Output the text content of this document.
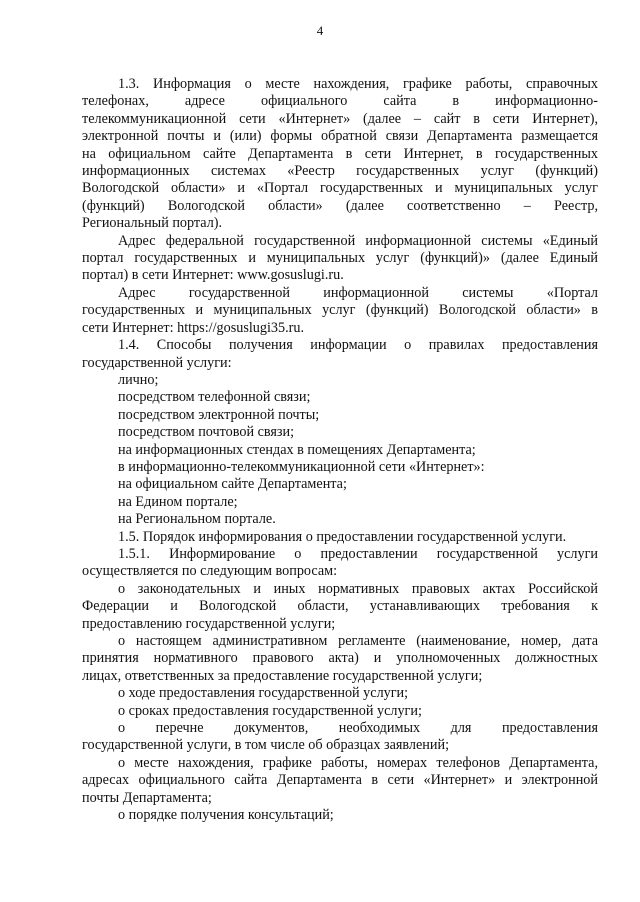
4

1.3. Информация о месте нахождения, графике работы, справочных

телефонах, адресе официального сайта в информационно-

телекоммуникационной сети «Интернет» (далее – сайт в сети Интернет),

электронной почты и (или) формы обратной связи Департамента размещается

на официальном сайте Департамента в сети Интернет, в государственных

информационных системах «Реестр государственных услуг (функций)

Вологодской области» и «Портал государственных и муниципальных услуг

(функций) Вологодской области» (далее соответственно – Реестр,

Региональный портал).

Адрес федеральной государственной информационной системы «Единый

портал государственных и муниципальных услуг (функций)» (далее Единый

портал) в сети Интернет: www.gosuslugi.ru.

Адрес государственной информационной системы «Портал

государственных и муниципальных услуг (функций) Вологодской области» в

сети Интернет: https://gosuslugi35.ru.

1.4. Способы получения информации о правилах предоставления

государственной услуги:

лично;

посредством телефонной связи;

посредством электронной почты;

посредством почтовой связи;

на информационных стендах в помещениях Департамента;

в информационно-телекоммуникационной сети «Интернет»:

на официальном сайте Департамента;

на Едином портале;

на Региональном портале.

1.5. Порядок информирования о предоставлении государственной услуги.

1.5.1. Информирование о предоставлении государственной услуги

осуществляется по следующим вопросам:

о законодательных и иных нормативных правовых актах Российской

Федерации и Вологодской области, устанавливающих требования к

предоставлению государственной услуги;

о настоящем административном регламенте (наименование, номер, дата

принятия нормативного правового акта) и уполномоченных должностных

лицах, ответственных за предоставление государственной услуги;

о ходе предоставления государственной услуги;

о сроках предоставления государственной услуги;

о перечне документов, необходимых для предоставления

государственной услуги, в том числе об образцах заявлений;

о месте нахождения, графике работы, номерах телефонов Департамента,

адресах официального сайта Департамента в сети «Интернет» и электронной

почты Департамента;

о порядке получения консультаций;
